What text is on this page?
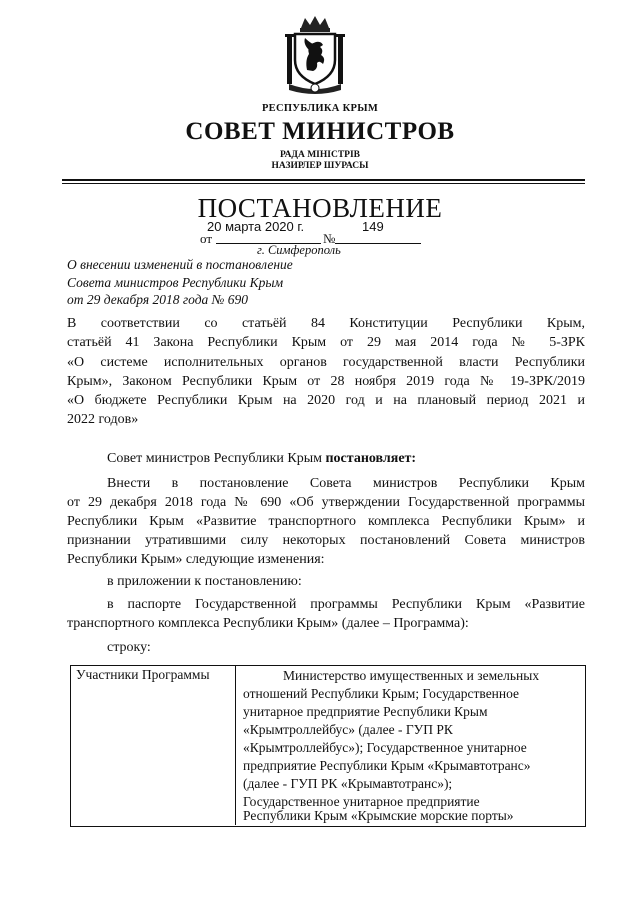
РЕСПУБЛИКА КРЫМ
СОВЕТ МИНИСТРОВ
РАДА МІНІСТРІВ
НАЗИРЛЕР ШУРАСЫ
ПОСТАНОВЛЕНИЕ
20 марта 2020 г.	149
от	№
г. Симферополь
О внесении изменений в постановление
Совета министров Республики Крым
от 29 декабря 2018 года № 690
В соответствии со статьёй 84 Конституции Республики Крым,
статьёй 41 Закона Республики Крым от 29 мая 2014 года № 5-ЗРК
«О системе исполнительных органов государственной власти Республики
Крым», Законом Республики Крым от 28 ноября 2019 года № 19-ЗРК/2019
«О бюджете Республики Крым на 2020 год и на плановый период 2021 и
2022 годов»
Совет министров Республики Крым постановляет:
Внести в постановление Совета министров Республики Крым
от 29 декабря 2018 года № 690 «Об утверждении Государственной программы
Республики Крым «Развитие транспортного комплекса Республики Крым» и
признании утратившими силу некоторых постановлений Совета министров
Республики Крым» следующие изменения:
в приложении к постановлению:
в паспорте Государственной программы Республики Крым «Развитие
транспортного комплекса Республики Крым» (далее – Программа):
строку:
Участники Программы	Министерство имущественных и земельных
отношений Республики Крым; Государственное
унитарное предприятие Республики Крым
«Крымтроллейбус» (далее - ГУП РК
«Крымтроллейбус»); Государственное унитарное
предприятие Республики Крым «Крымавтотранс»
(далее - ГУП РК «Крымавтотранс»);
Государственное унитарное предприятие
Республики Крым «Крымские морские порты»
